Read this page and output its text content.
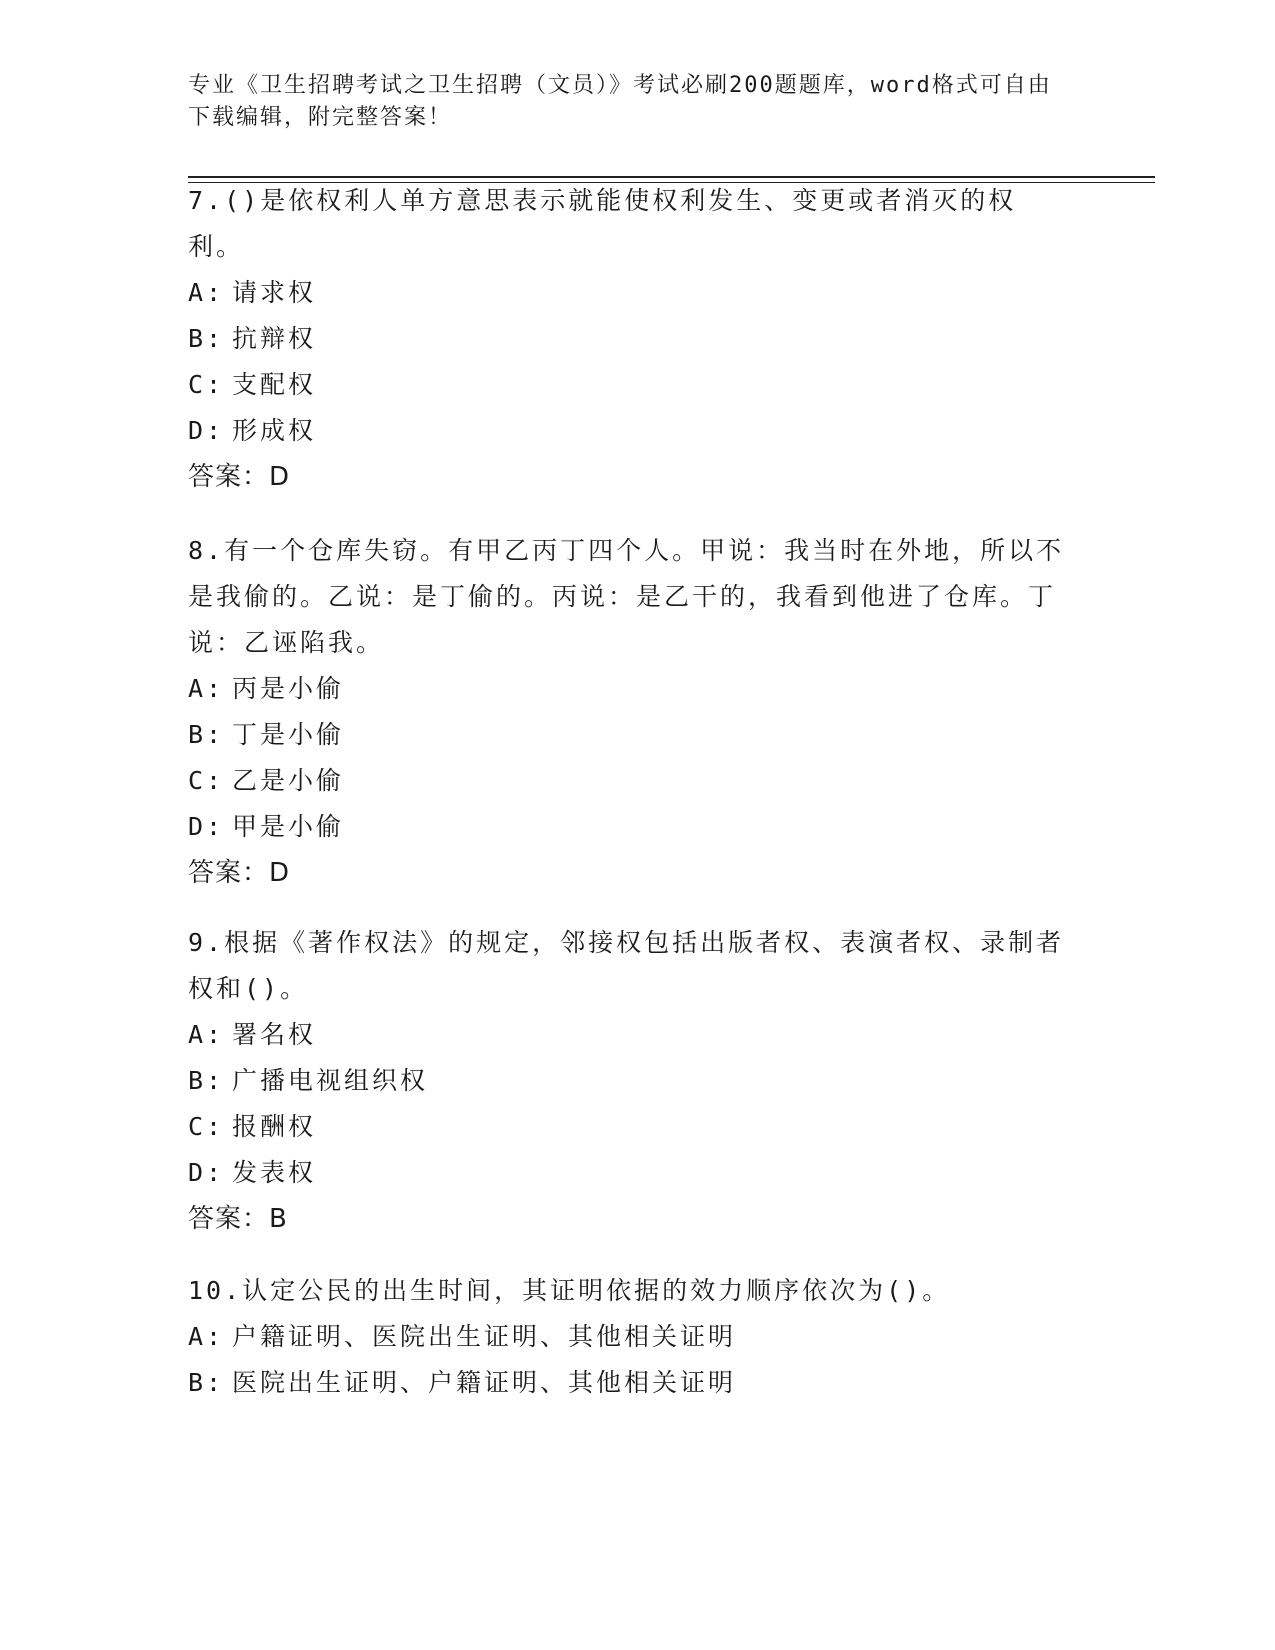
专业《卫生招聘考试之卫生招聘（文员）》考试必刷200题题库，word格式可自由下载编辑，附完整答案！

7.()是依权利人单方意思表示就能使权利发生、变更或者消灭的权利。

A: 请求权
B: 抗辩权
C: 支配权
D: 形成权
答案：D

8.有一个仓库失窃。有甲乙丙丁四个人。甲说：我当时在外地，所以不是我偷的。乙说：是丁偷的。丙说：是乙干的，我看到他进了仓库。丁说：乙诬陷我。

A: 丙是小偷
B: 丁是小偷
C: 乙是小偷
D: 甲是小偷
答案：D

9.根据《著作权法》的规定，邻接权包括出版者权、表演者权、录制者权和()。

A: 署名权
B: 广播电视组织权
C: 报酬权
D: 发表权
答案：B

10.认定公民的出生时间，其证明依据的效力顺序依次为()。

A: 户籍证明、医院出生证明、其他相关证明
B: 医院出生证明、户籍证明、其他相关证明
